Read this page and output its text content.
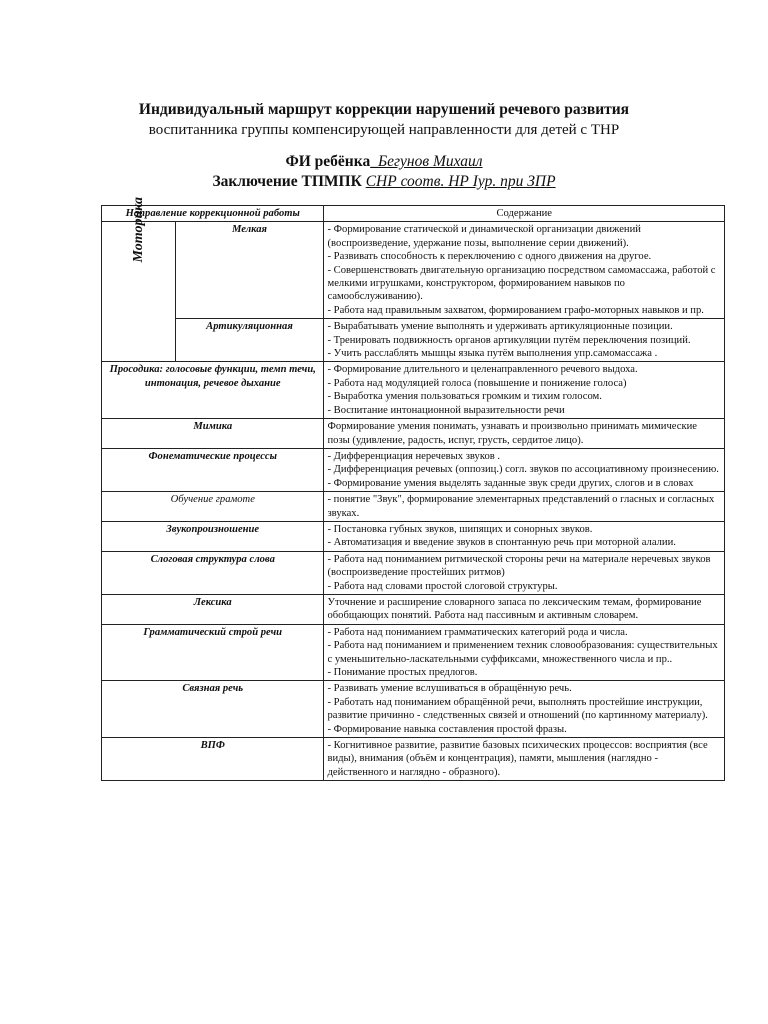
Индивидуальный маршрут коррекции нарушений речевого развития
воспитанника группы компенсирующей направленности для детей с ТНР
ФИ ребёнка_Бегунов Михаил
Заключение ТПМПК СНР соотв. НР Iур. при ЗПР
Направление коррекционной работы		Содержание
Моторика	Мелкая	- Формирование статической и динамической организации движений (воспроизведение, удержание позы, выполнение серии движений).
- Развивать способность к переключению с одного движения на другое.
- Совершенствовать двигательную организацию посредством самомассажа, работой с мелкими игрушками, конструктором, формированием навыков по самообслуживанию).
- Работа над правильным захватом, формированием графо-моторных навыков и пр.

	Артикуляционная	- Вырабатывать умение выполнять и удерживать артикуляционные позиции.
- Тренировать подвижность органов артикуляции путём переключения позиций.
- Учить расслаблять мышцы языка путём выполнения упр.самомассажа .

Просодика: голосовые функции, темп течи, интонация, речевое дыхание		- Формирование длительного и целенаправленного речевого выдоха.
- Работа над модуляцией голоса (повышение и понижение голоса)
- Выработка умения пользоваться громким и тихим голосом.
- Воспитание интонационной выразительности речи

Мимика		Формирование умения понимать, узнавать и произвольно принимать мимические позы (удивление, радость, испуг, грусть, сердитое лицо).

Фонематические процессы		- Дифференциация неречевых звуков .
- Дифференциация речевых (оппозиц.) согл. звуков по ассоциативному произнесению.
- Формирование умения выделять заданные звук среди других, слогов и в словах

Обучение грамоте		- понятие "Звук", формирование элементарных представлений о гласных и согласных звуках.

Звукопроизношение		- Постановка губных звуков, шипящих и сонорных звуков.
- Автоматизация и введение звуков в спонтанную речь при моторной алалии.

Слоговая структура слова		- Работа над пониманием ритмической стороны речи на материале неречевых звуков (воспроизведение простейших ритмов)
- Работа над словами простой слоговой структуры.

Лексика		Уточнение и расширение словарного запаса по лексическим темам, формирование обобщающих понятий. Работа над пассивным и активным словарем.

Грамматический строй речи		- Работа над пониманием грамматических категорий рода и числа.
- Работа над пониманием и применением техник словообразования: существительных с уменьшительно-ласкательными суффиксами, множественного числа и пр..
- Понимание простых предлогов.

Связная речь		- Развивать умение вслушиваться в обращённую речь.
- Работать над пониманием обращённой речи, выполнять простейшие инструкции, развитие причинно - следственных связей и отношений (по картинному материалу).
- Формирование навыка составления простой фразы.

ВПФ		- Когнитивное развитие, развитие базовых психических процессов: восприятия (все виды), внимания (объём и концентрация), памяти, мышления (наглядно - действенного и наглядно - образного).
